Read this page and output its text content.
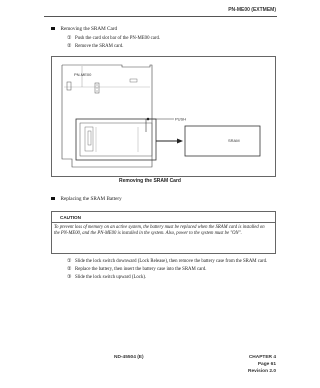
PN-ME00 (EXTMEM)
Removing the SRAM Card
① Push the card slot bar of the PN-ME00 card.
② Remove the SRAM card.
PN-ME00
PUSH
SRAM
Removing the SRAM Card
Replacing the SRAM Battery
CAUTION
To prevent loss of memory on an active system, the battery must be replaced when the SRAM card is installed on
the PN-ME00, and the PN-ME00 is installed in the system. Also, power to the system must be "ON".
① Slide the lock switch downward (Lock Release), then remove the battery case from the SRAM card.
② Replace the battery, then insert the battery case into the SRAM card.
③ Slide the lock switch upward (Lock).
ND-45504 (E)	CHAPTER 4
Page 61
Revision 2.0
